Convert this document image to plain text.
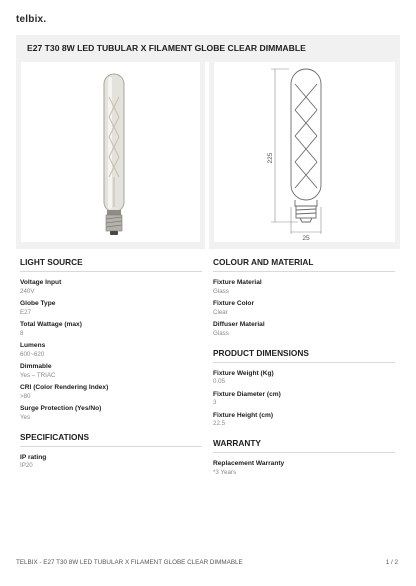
telbix.
E27 T30 8W LED TUBULAR X FILAMENT GLOBE CLEAR DIMMABLE
225
25
LIGHT SOURCE
Voltage Input
240V
Globe Type
E27
Total Wattage (max)
8
Lumens
600~620
Dimmable
Yes – TRIAC
CRI (Color Rendering Index)
>80
Surge Protection (Yes/No)
Yes
SPECIFICATIONS
IP rating
IP20
COLOUR AND MATERIAL
Fixture Material
Glass
Fixture Color
Clear
Diffuser Material
Glass
PRODUCT DIMENSIONS
Fixture Weight (Kg)
0.05
Fixture Diameter (cm)
3
Fixture Height (cm)
22.5
WARRANTY
Replacement Warranty
*3 Years
TELBIX - E27 T30 8W LED TUBULAR X FILAMENT GLOBE CLEAR DIMMABLE	1 / 2
